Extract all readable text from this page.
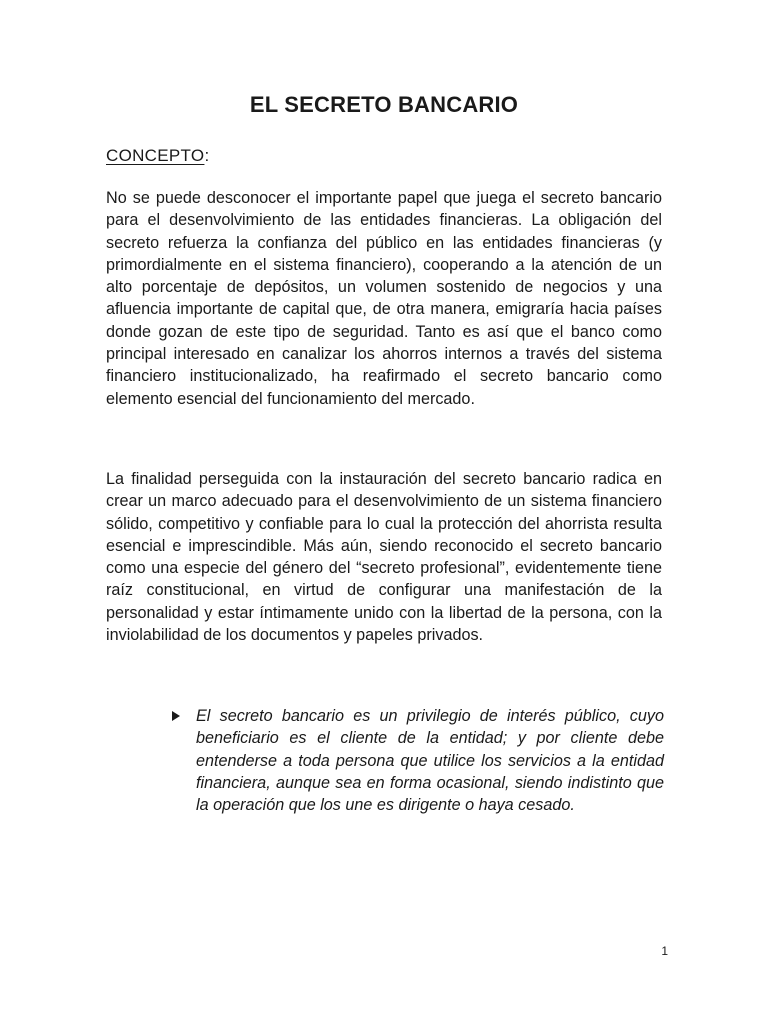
EL SECRETO BANCARIO
CONCEPTO:

No se puede desconocer el importante papel que juega el secreto bancario para el desenvolvimiento de las entidades financieras. La obligación del secreto refuerza la confianza del público en las entidades financieras (y primordialmente en el sistema financiero), cooperando a la atención de un alto porcentaje de depósitos, un volumen sostenido de negocios y una afluencia importante de capital que, de otra manera, emigraría hacia países donde gozan de este tipo de seguridad. Tanto es así que el banco como principal interesado en canalizar los ahorros internos a través del sistema financiero institucionalizado, ha reafirmado el secreto bancario como elemento esencial del funcionamiento del mercado.

La finalidad perseguida con la instauración del secreto bancario radica en crear un marco adecuado para el desenvolvimiento de un sistema financiero sólido, competitivo y confiable para lo cual la protección del ahorrista resulta esencial e imprescindible. Más aún, siendo reconocido el secreto bancario como una especie del género del “secreto profesional”, evidentemente tiene raíz constitucional, en virtud de configurar una manifestación de la personalidad y estar íntimamente unido con la libertad de la persona, con la inviolabilidad de los documentos y papeles privados.

El secreto bancario es un privilegio de interés público, cuyo beneficiario es el cliente de la entidad; y por cliente debe entenderse a toda persona que utilice los servicios a la entidad financiera, aunque sea en forma ocasional, siendo indistinto que la operación que los une es dirigente o haya cesado.

1
